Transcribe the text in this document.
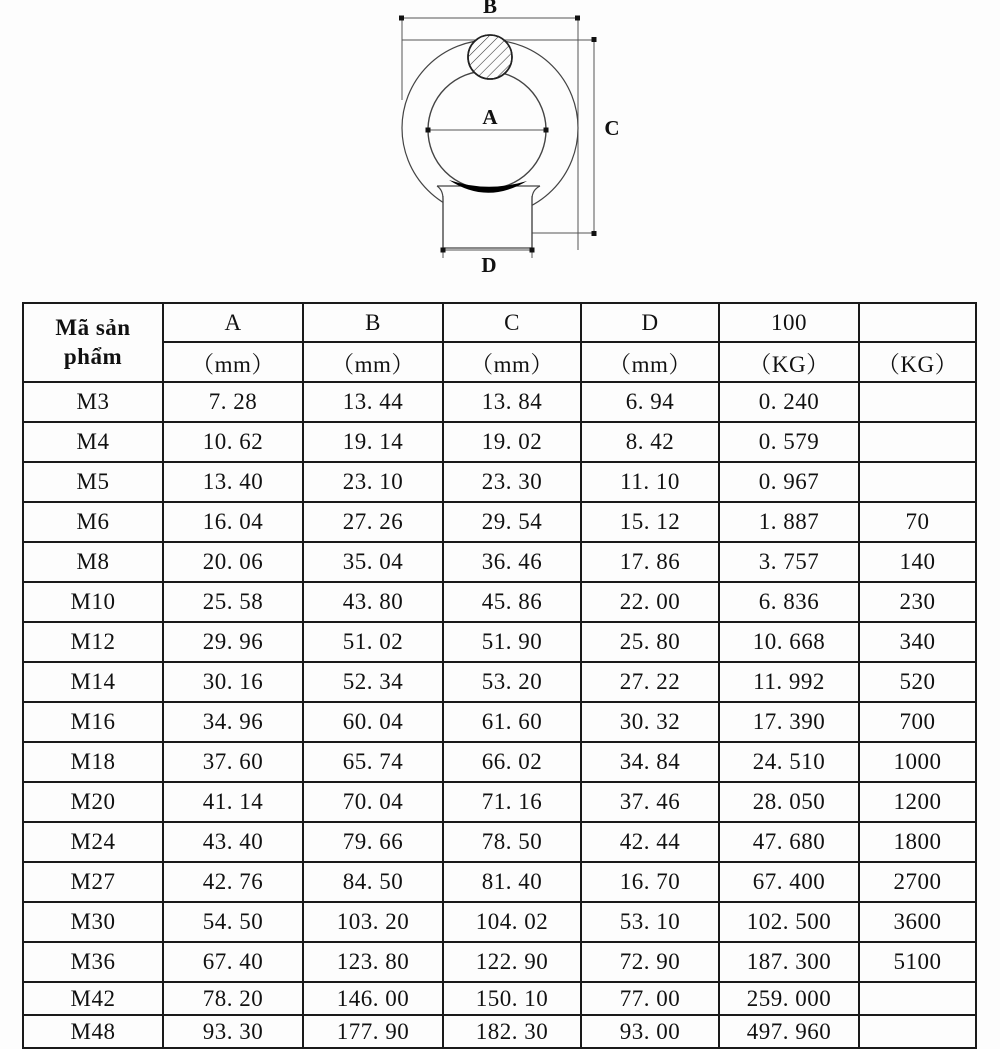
B
C
A
D
Mã sản phẩm	A	B	C	D	100	
	（mm）	（mm）	（mm）	（mm）	（KG）	（KG）
M3	7. 28	13. 44	13. 84	6. 94	0. 240	
M4	10. 62	19. 14	19. 02	8. 42	0. 579	
M5	13. 40	23. 10	23. 30	11. 10	0. 967	
M6	16. 04	27. 26	29. 54	15. 12	1. 887	70
M8	20. 06	35. 04	36. 46	17. 86	3. 757	140
M10	25. 58	43. 80	45. 86	22. 00	6. 836	230
M12	29. 96	51. 02	51. 90	25. 80	10. 668	340
M14	30. 16	52. 34	53. 20	27. 22	11. 992	520
M16	34. 96	60. 04	61. 60	30. 32	17. 390	700
M18	37. 60	65. 74	66. 02	34. 84	24. 510	1000
M20	41. 14	70. 04	71. 16	37. 46	28. 050	1200
M24	43. 40	79. 66	78. 50	42. 44	47. 680	1800
M27	42. 76	84. 50	81. 40	16. 70	67. 400	2700
M30	54. 50	103. 20	104. 02	53. 10	102. 500	3600
M36	67. 40	123. 80	122. 90	72. 90	187. 300	5100
M42	78. 20	146. 00	150. 10	77. 00	259. 000	
M48	93. 30	177. 90	182. 30	93. 00	497. 960	
